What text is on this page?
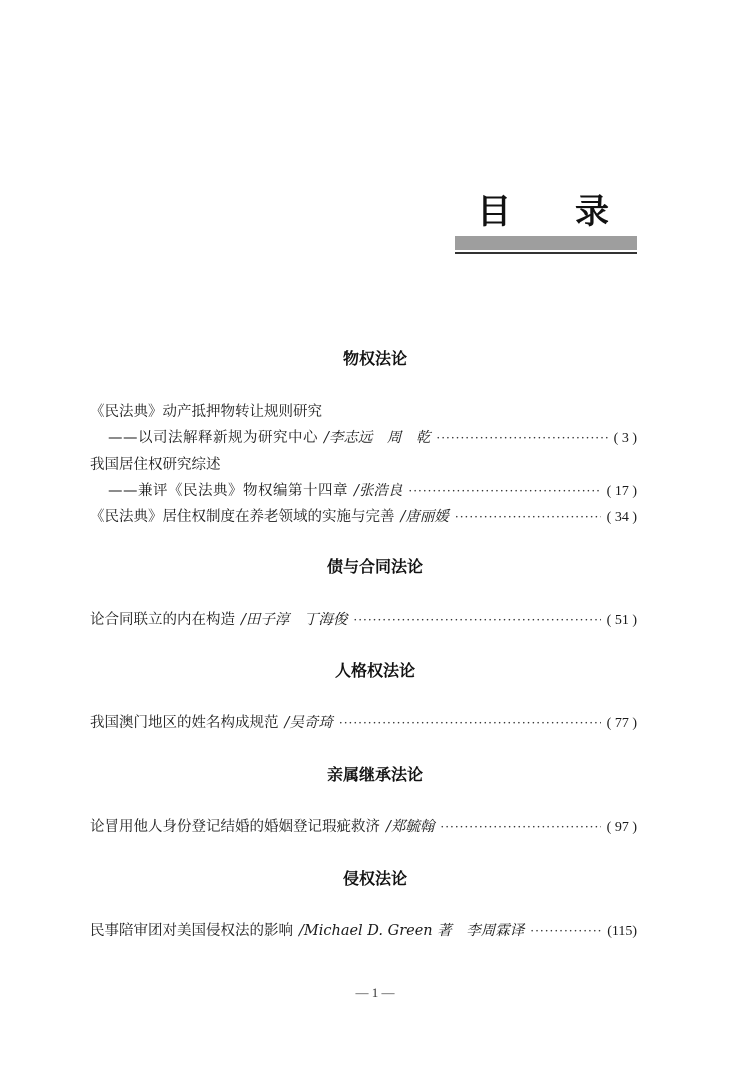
目 录
物权法论
《民法典》动产抵押物转让规则研究
——以司法解释新规为研究中心 /李志远　周　乾 ·····	( 3 )
我国居住权研究综述
——兼评《民法典》物权编第十四章 /张浩良 ·····	( 17 )
《民法典》居住权制度在养老领域的实施与完善 /唐丽媛 ·····	( 34 )
债与合同法论
论合同联立的内在构造 /田子淳　丁海俊 ·····	( 51 )
人格权法论
我国澳门地区的姓名构成规范 /吴奇琦 ·····	( 77 )
亲属继承法论
论冒用他人身份登记结婚的婚姻登记瑕疵救济 /郑毓翰 ·····	( 97 )
侵权法论
民事陪审团对美国侵权法的影响 /Michael D. Green 著　李周霖译 ·····	(115)
— 1 —
